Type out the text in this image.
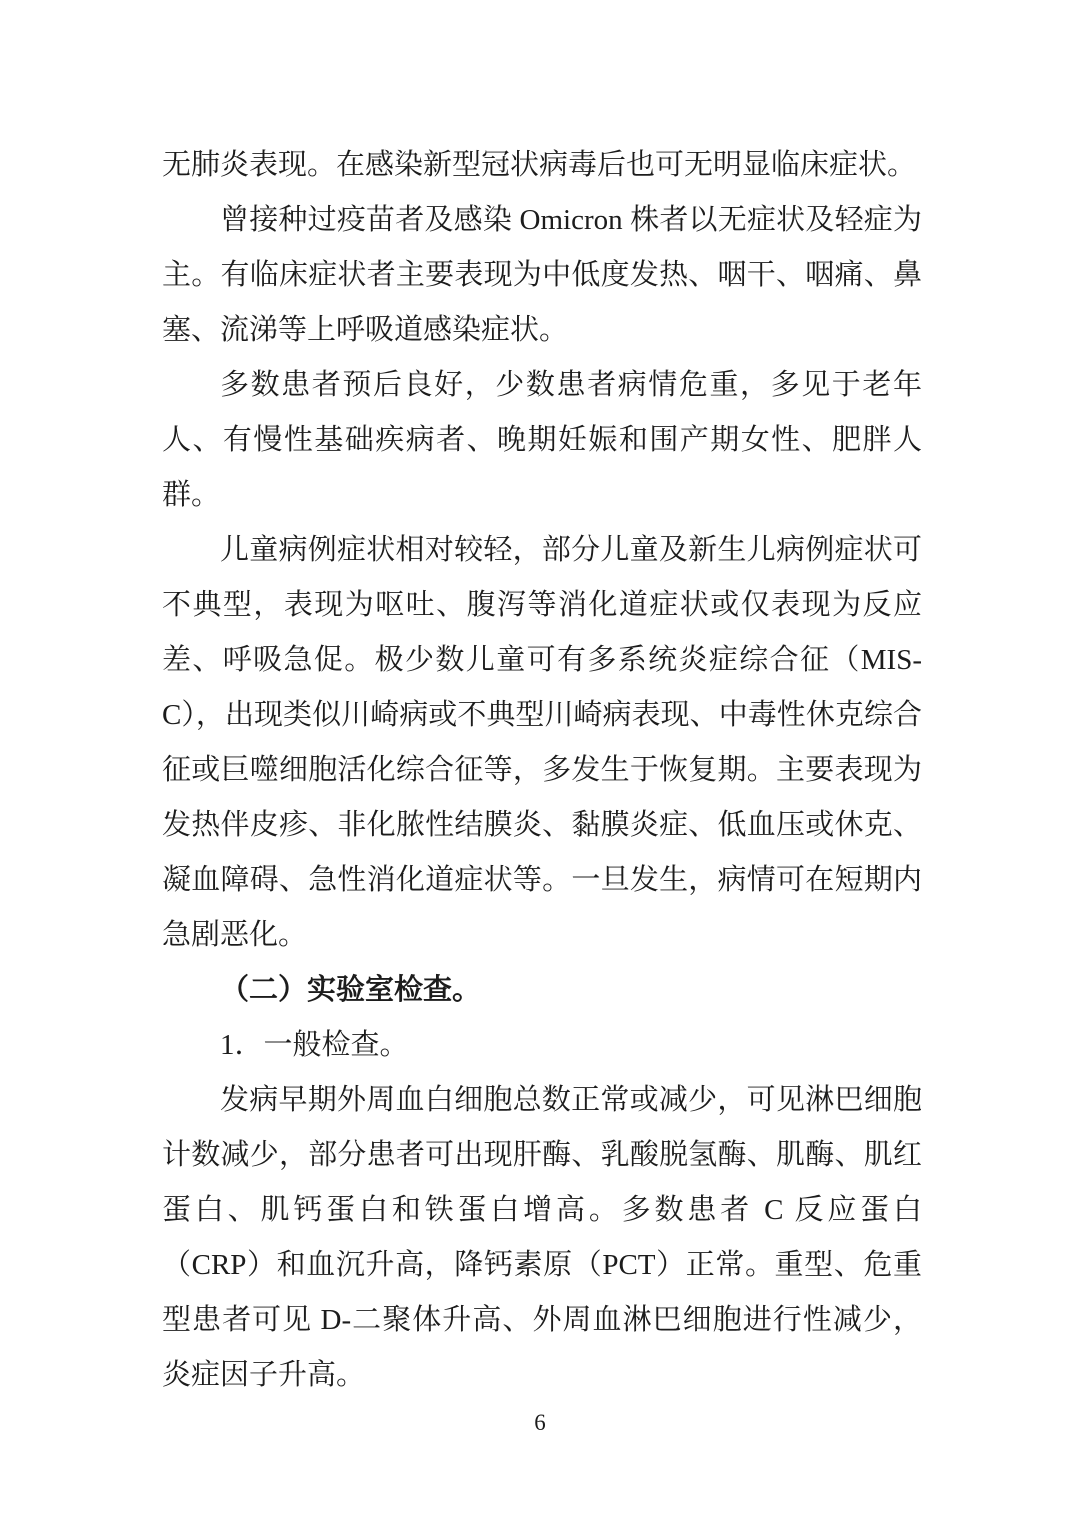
无肺炎表现。在感染新型冠状病毒后也可无明显临床症状。

曾接种过疫苗者及感染 Omicron 株者以无症状及轻症为主。有临床症状者主要表现为中低度发热、咽干、咽痛、鼻塞、流涕等上呼吸道感染症状。

多数患者预后良好，少数患者病情危重，多见于老年人、有慢性基础疾病者、晚期妊娠和围产期女性、肥胖人群。

儿童病例症状相对较轻，部分儿童及新生儿病例症状可不典型，表现为呕吐、腹泻等消化道症状或仅表现为反应差、呼吸急促。极少数儿童可有多系统炎症综合征（MIS-C），出现类似川崎病或不典型川崎病表现、中毒性休克综合征或巨噬细胞活化综合征等，多发生于恢复期。主要表现为发热伴皮疹、非化脓性结膜炎、黏膜炎症、低血压或休克、凝血障碍、急性消化道症状等。一旦发生，病情可在短期内急剧恶化。

（二）实验室检查。

1．一般检查。

发病早期外周血白细胞总数正常或减少，可见淋巴细胞计数减少，部分患者可出现肝酶、乳酸脱氢酶、肌酶、肌红蛋白、肌钙蛋白和铁蛋白增高。多数患者 C 反应蛋白（CRP）和血沉升高，降钙素原（PCT）正常。重型、危重型患者可见 D-二聚体升高、外周血淋巴细胞进行性减少，炎症因子升高。

6
